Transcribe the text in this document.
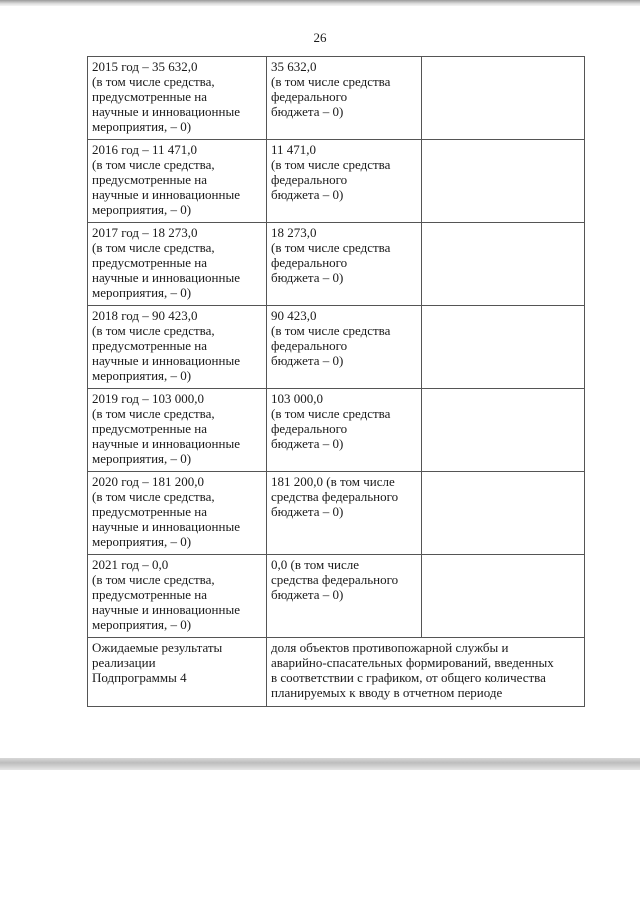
26
2015 год – 35 632,0
(в том числе средства,
предусмотренные на
научные и инновационные
мероприятия, – 0)	35 632,0
(в том числе средства
федерального
бюджета – 0)	

2016 год – 11 471,0
(в том числе средства,
предусмотренные на
научные и инновационные
мероприятия, – 0)	11 471,0
(в том числе средства
федерального
бюджета – 0)	

2017 год – 18 273,0
(в том числе средства,
предусмотренные на
научные и инновационные
мероприятия, – 0)	18 273,0
(в том числе средства
федерального
бюджета – 0)	

2018 год – 90 423,0
(в том числе средства,
предусмотренные на
научные и инновационные
мероприятия, – 0)	90 423,0
(в том числе средства
федерального
бюджета – 0)	

2019 год – 103 000,0
(в том числе средства,
предусмотренные на
научные и инновационные
мероприятия, – 0)	103 000,0
(в том числе средства
федерального
бюджета – 0)	

2020 год – 181 200,0
(в том числе средства,
предусмотренные на
научные и инновационные
мероприятия, – 0)	181 200,0 (в том числе
средства федерального
бюджета – 0)	

2021 год – 0,0
(в том числе средства,
предусмотренные на
научные и инновационные
мероприятия, – 0)	0,0 (в том числе
средства федерального
бюджета – 0)	

Ожидаемые результаты
реализации
Подпрограммы 4	доля объектов противопожарной службы и
аварийно-спасательных формирований, введенных
в соответствии с графиком, от общего количества
планируемых к вводу в отчетном периоде	
